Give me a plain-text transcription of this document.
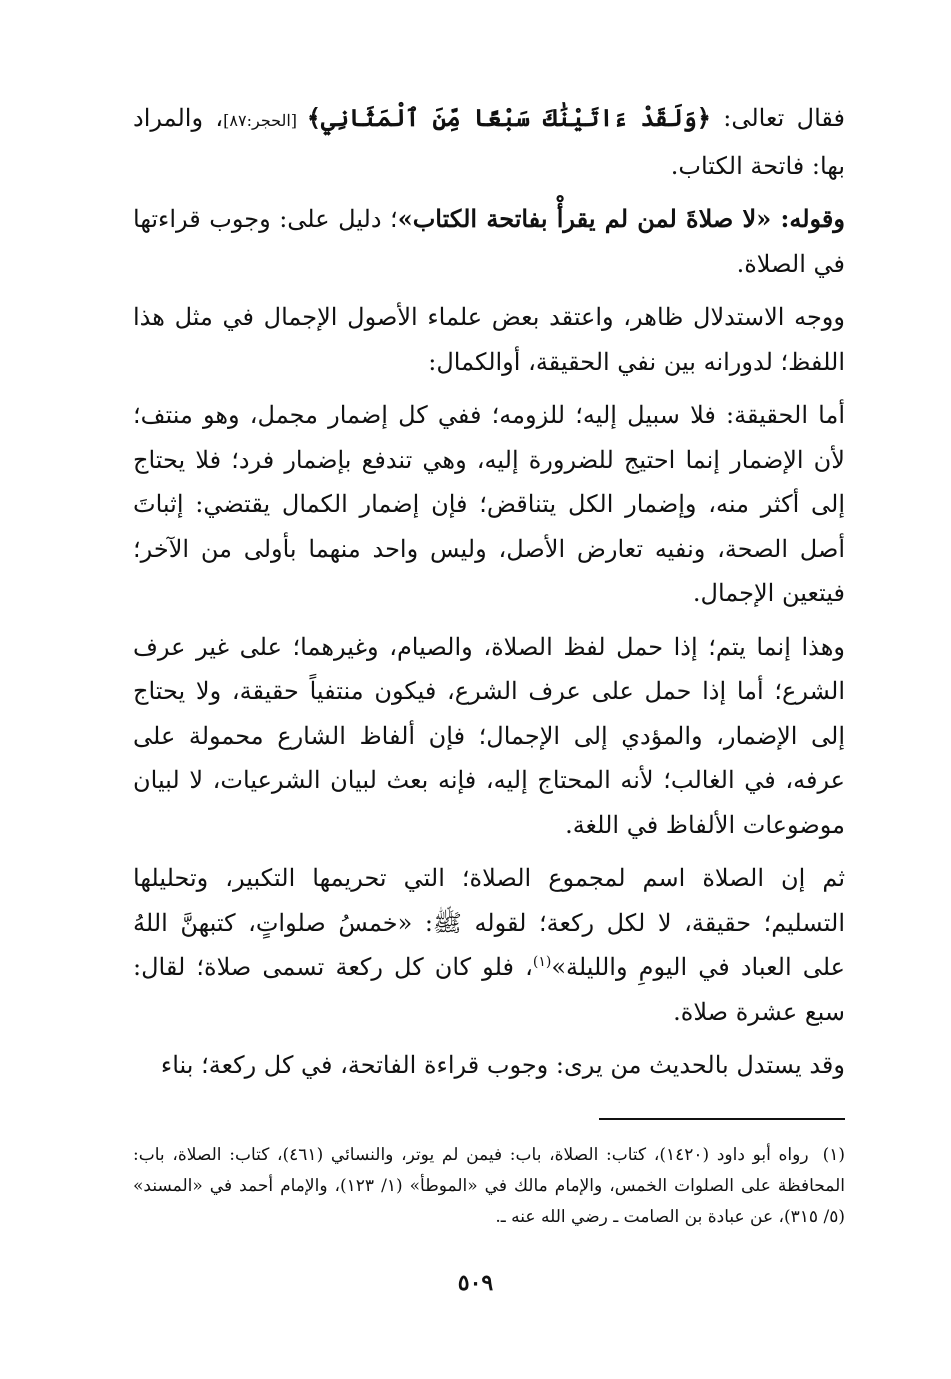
فقال تعالى: ﴿وَلَقَدْ ءَاتَيْنَٰكَ سَبْعًا مِّنَ ٱلْمَثَانِي﴾ [الحجر:٨٧]، والمراد بها: فاتحة الكتاب.

وقوله: «لا صلاةَ لمن لم يقرأْ بفاتحة الكتاب»؛ دليل على: وجوب قراءتها في الصلاة.

ووجه الاستدلال ظاهر، واعتقد بعض علماء الأصول الإجمال في مثل هذا اللفظ؛ لدورانه بين نفي الحقيقة، أوالكمال:

أما الحقيقة: فلا سبيل إليه؛ للزومه؛ ففي كل إضمار مجمل، وهو منتف؛ لأن الإضمار إنما احتيج للضرورة إليه، وهي تندفع بإضمار فرد؛ فلا يحتاج إلى أكثر منه، وإضمار الكل يتناقض؛ فإن إضمار الكمال يقتضي: إثباتَ أصل الصحة، ونفيه تعارض الأصل، وليس واحد منهما بأولى من الآخر؛ فيتعين الإجمال.

وهذا إنما يتم؛ إذا حمل لفظ الصلاة، والصيام، وغيرهما؛ على غير عرف الشرع؛ أما إذا حمل على عرف الشرع، فيكون منتفياً حقيقة، ولا يحتاج إلى الإضمار، والمؤدي إلى الإجمال؛ فإن ألفاظ الشارع محمولة على عرفه، في الغالب؛ لأنه المحتاج إليه، فإنه بعث لبيان الشرعيات، لا لبيان موضوعات الألفاظ في اللغة.

ثم إن الصلاة اسم لمجموع الصلاة؛ التي تحريمها التكبير، وتحليلها التسليم؛ حقيقة، لا لكل ركعة؛ لقوله ﷺ: «خمسُ صلواتٍ، كتبهنَّ اللهُ على العباد في اليومِ والليلة»$^{(١)}$، فلو كان كل ركعة تسمى صلاة؛ لقال: سبع عشرة صلاة.

وقد يستدل بالحديث من يرى: وجوب قراءة الفاتحة، في كل ركعة؛ بناء

(١)رواه أبو داود (١٤٢٠)، كتاب: الصلاة، باب: فيمن لم يوتر، والنسائي (٤٦١)، كتاب: الصلاة، باب: المحافظة على الصلوات الخمس، والإمام مالك في «الموطأ» (١/ ١٢٣)، والإمام أحمد في «المسند» (٥/ ٣١٥)، عن عبادة بن الصامت ـ رضي الله عنه ـ.
٥٠٩
